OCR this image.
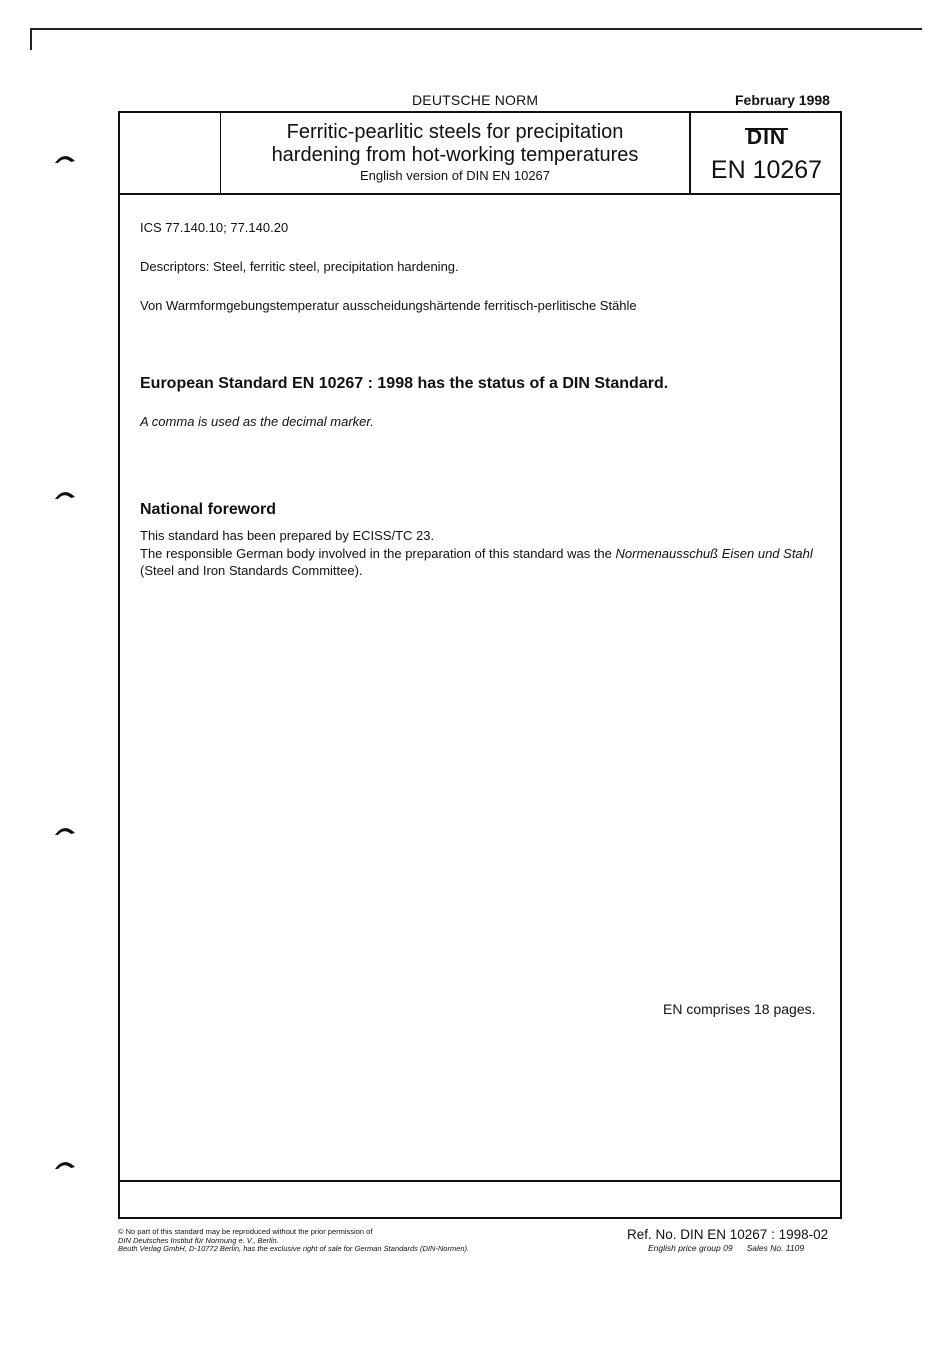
DEUTSCHE NORM	February 1998
Ferritic-pearlitic steels for precipitation
hardening from hot-working temperatures
English version of DIN EN 10267
DIN
EN 10267
ICS 77.140.10; 77.140.20
Descriptors: Steel, ferritic steel, precipitation hardening.
Von Warmformgebungstemperatur ausscheidungshärtende ferritisch-perlitische Stähle
European Standard EN 10267 : 1998 has the status of a DIN Standard.
A comma is used as the decimal marker.
National foreword
This standard has been prepared by ECISS/TC 23.
The responsible German body involved in the preparation of this standard was the Normenausschuß Eisen und Stahl (Steel and Iron Standards Committee).
EN comprises 18 pages.
© No part of this standard may be reproduced without the prior permission of
DIN Deutsches Institut für Normung e. V., Berlin.
Beuth Verlag GmbH, D-10772 Berlin, has the exclusive right of sale for German Standards (DIN-Normen).
Ref. No. DIN EN 10267 : 1998-02
English price group 09 Sales No. 1109
